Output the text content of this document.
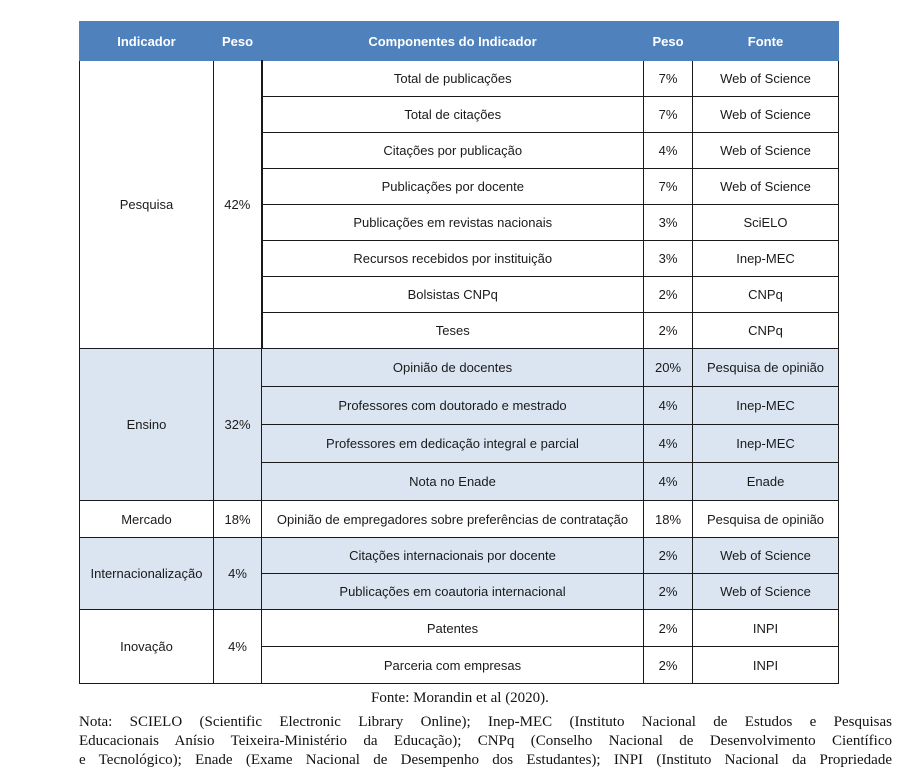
Indicador	Peso	Componentes do Indicador	Peso	Fonte
Pesquisa	42%	Total de publicações	7%	Web of Science
		Total de citações	7%	Web of Science
		Citações por publicação	4%	Web of Science
		Publicações por docente	7%	Web of Science
		Publicações em revistas nacionais	3%	SciELO
		Recursos recebidos por instituição	3%	Inep-MEC
		Bolsistas CNPq	2%	CNPq
		Teses	2%	CNPq
Ensino	32%	Opinião de docentes	20%	Pesquisa de opinião
		Professores com doutorado e mestrado	4%	Inep-MEC
		Professores em dedicação integral e parcial	4%	Inep-MEC
		Nota no Enade	4%	Enade
Mercado	18%	Opinião de empregadores sobre preferências de contratação	18%	Pesquisa de opinião
Internacionalização	4%	Citações internacionais por docente	2%	Web of Science
		Publicações em coautoria internacional	2%	Web of Science
Inovação	4%	Patentes	2%	INPI
		Parceria com empresas	2%	INPI
Fonte: Morandin et al (2020).
Nota: SCIELO (Scientific Electronic Library Online); Inep-MEC (Instituto Nacional de Estudos e Pesquisas
Educacionais Anísio Teixeira-Ministério da Educação); CNPq (Conselho Nacional de Desenvolvimento Científico
e Tecnológico); Enade (Exame Nacional de Desempenho dos Estudantes); INPI (Instituto Nacional da Propriedade
